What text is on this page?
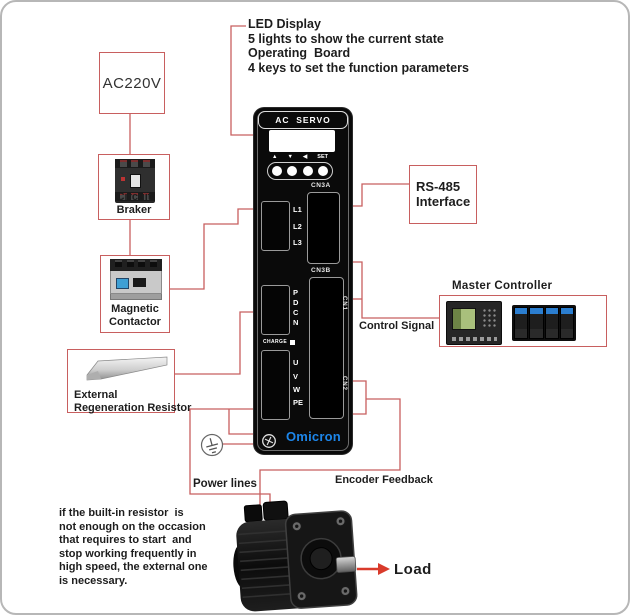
LED Display
5 lights to show the current state
Operating  Board
4 keys to set the function parameters
AC220V
Circuit Braker
Magnetic
Contactor
External
Regeneration Resistor
RS-485
Interface
Master Controller
Control Signal
Power lines	Encoder Feedback
Load
if the built-in resistor  is
not enough on the occasion
that requires to start  and
stop working frequently in
high speed, the external one
is necessary.
AC  SERVO
▲ ▼ ◀ SET
CN3A
L1
L2
L3
CN3B
CN1
CN2
P
D
C
N
CHARGE
U
V
W
PE
Omicron
